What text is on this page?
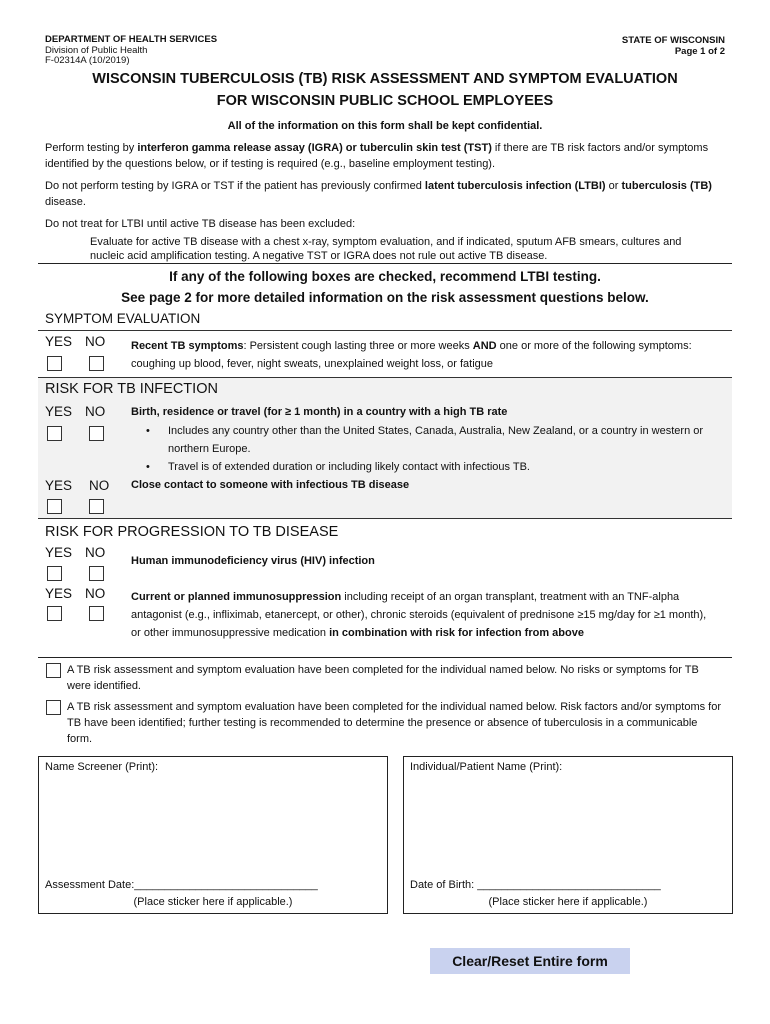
DEPARTMENT OF HEALTH SERVICES
Division of Public Health
F-02314A (10/2019)
STATE OF WISCONSIN
Page 1 of 2
WISCONSIN TUBERCULOSIS (TB) RISK ASSESSMENT AND SYMPTOM EVALUATION
FOR WISCONSIN PUBLIC SCHOOL EMPLOYEES
All of the information on this form shall be kept confidential.
Perform testing by interferon gamma release assay (IGRA) or tuberculin skin test (TST) if there are TB risk factors and/or symptoms identified by the questions below, or if testing is required (e.g., baseline employment testing).
Do not perform testing by IGRA or TST if the patient has previously confirmed latent tuberculosis infection (LTBI) or tuberculosis (TB) disease.
Do not treat for LTBI until active TB disease has been excluded:
Evaluate for active TB disease with a chest x-ray, symptom evaluation, and if indicated, sputum AFB smears, cultures and nucleic acid amplification testing. A negative TST or IGRA does not rule out active TB disease.
If any of the following boxes are checked, recommend LTBI testing.
See page 2 for more detailed information on the risk assessment questions below.
SYMPTOM EVALUATION
YES NO Recent TB symptoms: Persistent cough lasting three or more weeks AND one or more of the following symptoms: coughing up blood, fever, night sweats, unexplained weight loss, or fatigue
RISK FOR TB INFECTION
YES NO Birth, residence or travel (for ≥ 1 month) in a country with a high TB rate
• Includes any country other than the United States, Canada, Australia, New Zealand, or a country in western or northern Europe.
• Travel is of extended duration or including likely contact with infectious TB.
YES NO Close contact to someone with infectious TB disease
RISK FOR PROGRESSION TO TB DISEASE
YES NO
Human immunodeficiency virus (HIV) infection
YES NO Current or planned immunosuppression including receipt of an organ transplant, treatment with an TNF-alpha antagonist (e.g., infliximab, etanercept, or other), chronic steroids (equivalent of prednisone ≥15 mg/day for ≥1 month), or other immunosuppressive medication in combination with risk for infection from above
A TB risk assessment and symptom evaluation have been completed for the individual named below. No risks or symptoms for TB were identified.
A TB risk assessment and symptom evaluation have been completed for the individual named below. Risk factors and/or symptoms for TB have been identified; further testing is recommended to determine the presence or absence of tuberculosis in a communicable form.
Name Screener (Print):
Assessment Date:______________________________
(Place sticker here if applicable.)
Individual/Patient Name (Print):
Date of Birth: ______________________________
(Place sticker here if applicable.)
Clear/Reset Entire form
